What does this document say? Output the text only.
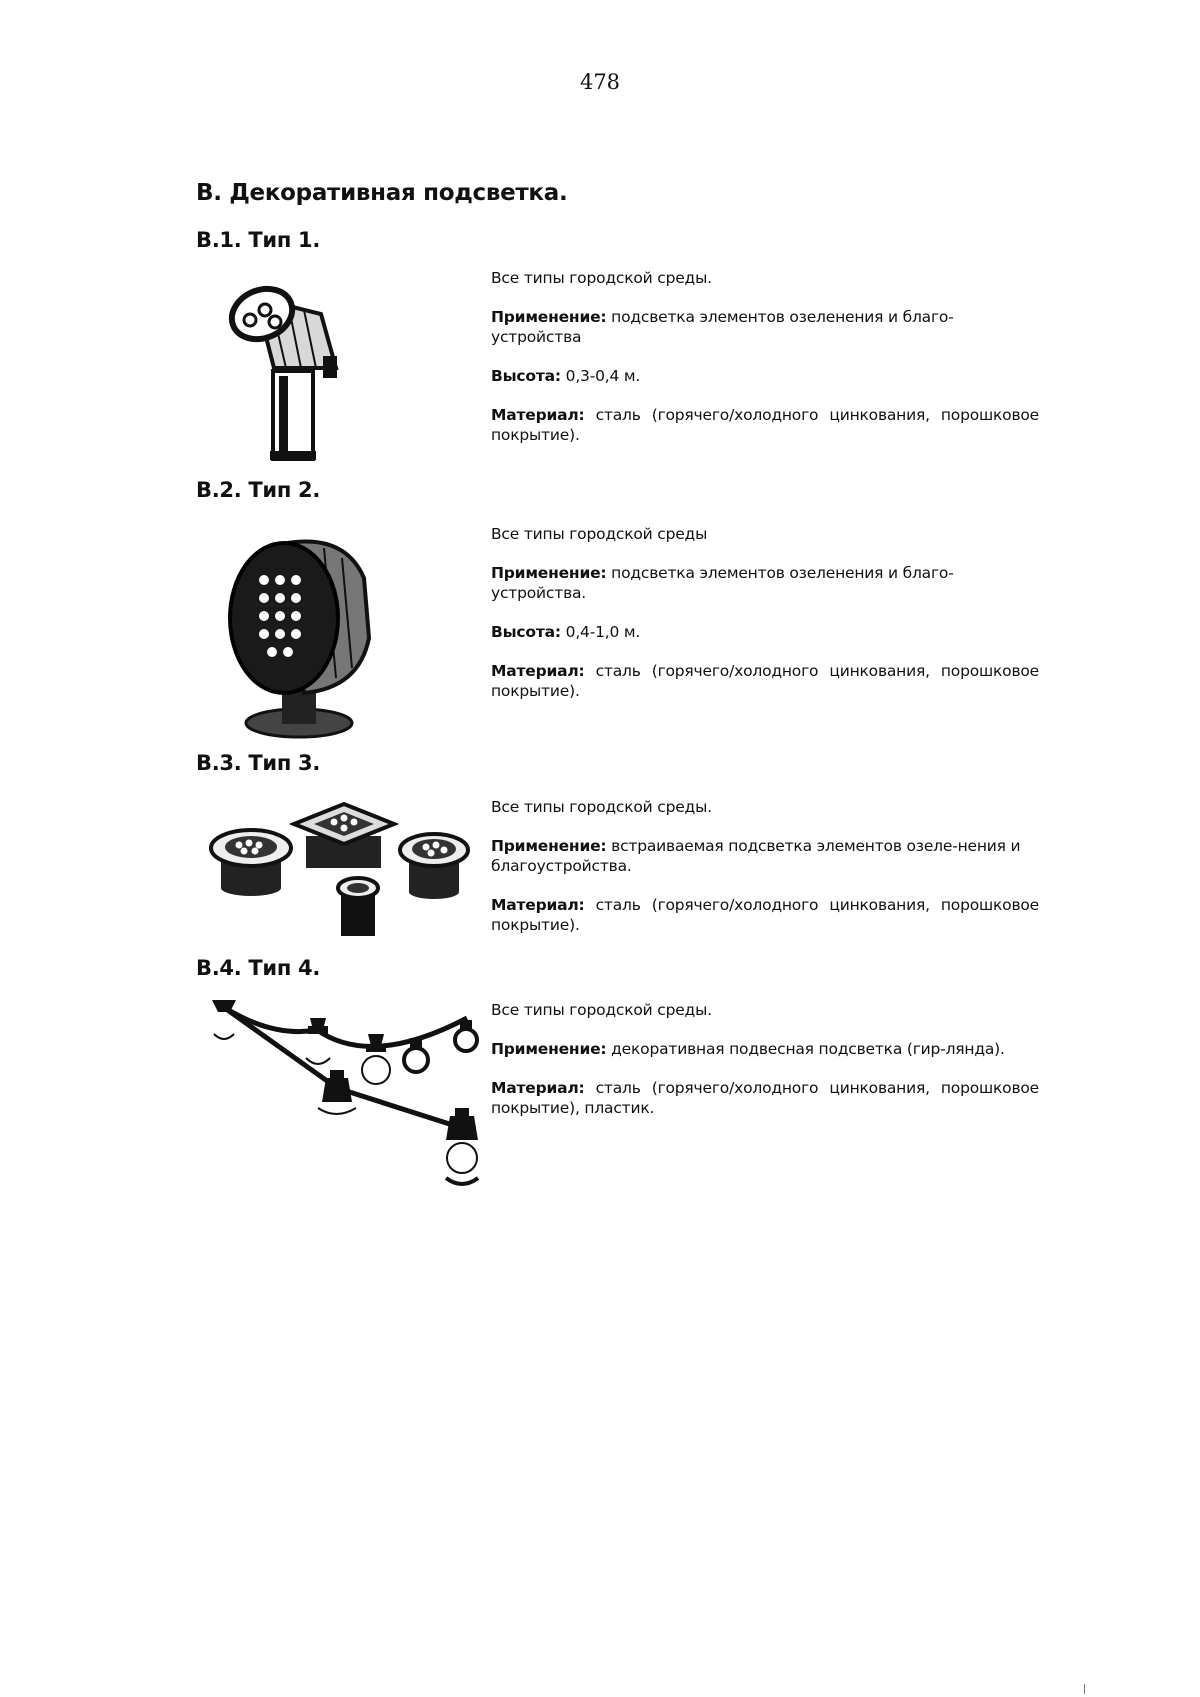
478
В. Декоративная подсветка.
В.1. Тип 1.

Все типы городской среды.

Применение: подсветка элементов озеленения и благо-устройства

Высота: 0,3-0,4 м.

Материал: сталь (горячего/холодного цинкования, порошковое покрытие).

В.2. Тип 2.

Все типы городской среды

Применение: подсветка элементов озеленения и благо-устройства.

Высота: 0,4-1,0 м.

Материал: сталь (горячего/холодного цинкования, порошковое покрытие).

В.3. Тип 3.

Все типы городской среды.

Применение: встраиваемая подсветка элементов озеле-нения и благоустройства.

Материал: сталь (горячего/холодного цинкования, порошковое покрытие).

В.4. Тип 4.

Все типы городской среды.

Применение: декоративная подвесная подсветка (гир-лянда).

Материал: сталь (горячего/холодного цинкования, порошковое покрытие), пластик.
